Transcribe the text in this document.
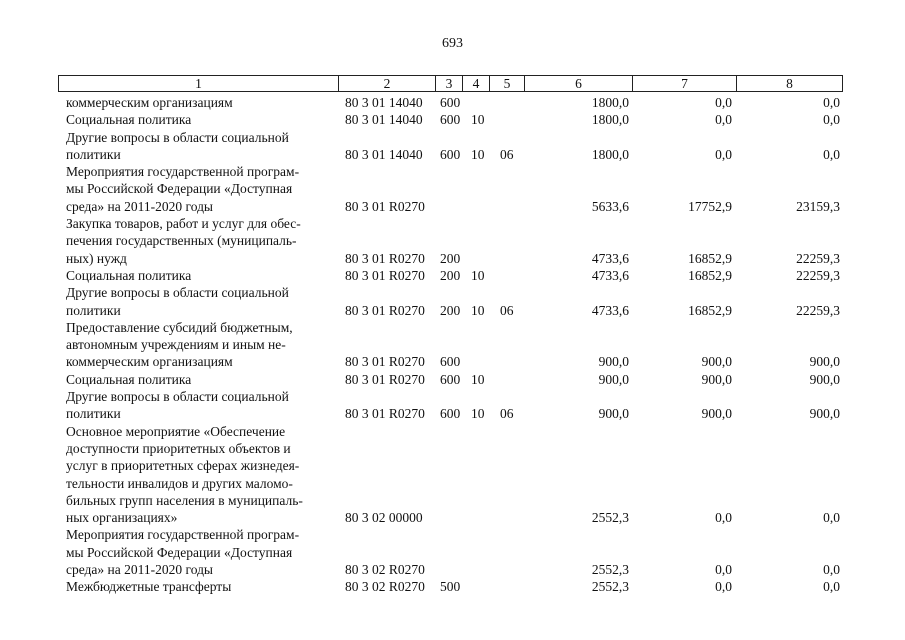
693
1	2	3	4	5	6	7	8
коммерческим организациям	80 3 01 14040 600	1800,0	0,0	0,0
Социальная политика	80 3 01 14040 600 10	1800,0	0,0	0,0
Другие вопросы в области социальной
политики	80 3 01 14040 600 10 06	1800,0	0,0	0,0
Мероприятия государственной програм-
мы Российской Федерации «Доступная
среда» на 2011-2020 годы	80 3 01 R0270	5633,6	17752,9	23159,3
Закупка товаров, работ и услуг для обес-
печения государственных (муниципаль-
ных) нужд	80 3 01 R0270 200	4733,6	16852,9	22259,3
Социальная политика	80 3 01 R0270 200 10	4733,6	16852,9	22259,3
Другие вопросы в области социальной
политики	80 3 01 R0270 200 10 06	4733,6	16852,9	22259,3
Предоставление субсидий бюджетным,
автономным учреждениям и иным не-
коммерческим организациям	80 3 01 R0270 600	900,0	900,0	900,0
Социальная политика	80 3 01 R0270 600 10	900,0	900,0	900,0
Другие вопросы в области социальной
политики	80 3 01 R0270 600 10 06	900,0	900,0	900,0
Основное мероприятие «Обеспечение
доступности приоритетных объектов и
услуг в приоритетных сферах жизнедея-
тельности инвалидов и других маломо-
бильных групп населения в муниципаль-
ных организациях»	80 3 02 00000	2552,3	0,0	0,0
Мероприятия государственной програм-
мы Российской Федерации «Доступная
среда» на 2011-2020 годы	80 3 02 R0270	2552,3	0,0	0,0
Межбюджетные трансферты	80 3 02 R0270 500	2552,3	0,0	0,0
